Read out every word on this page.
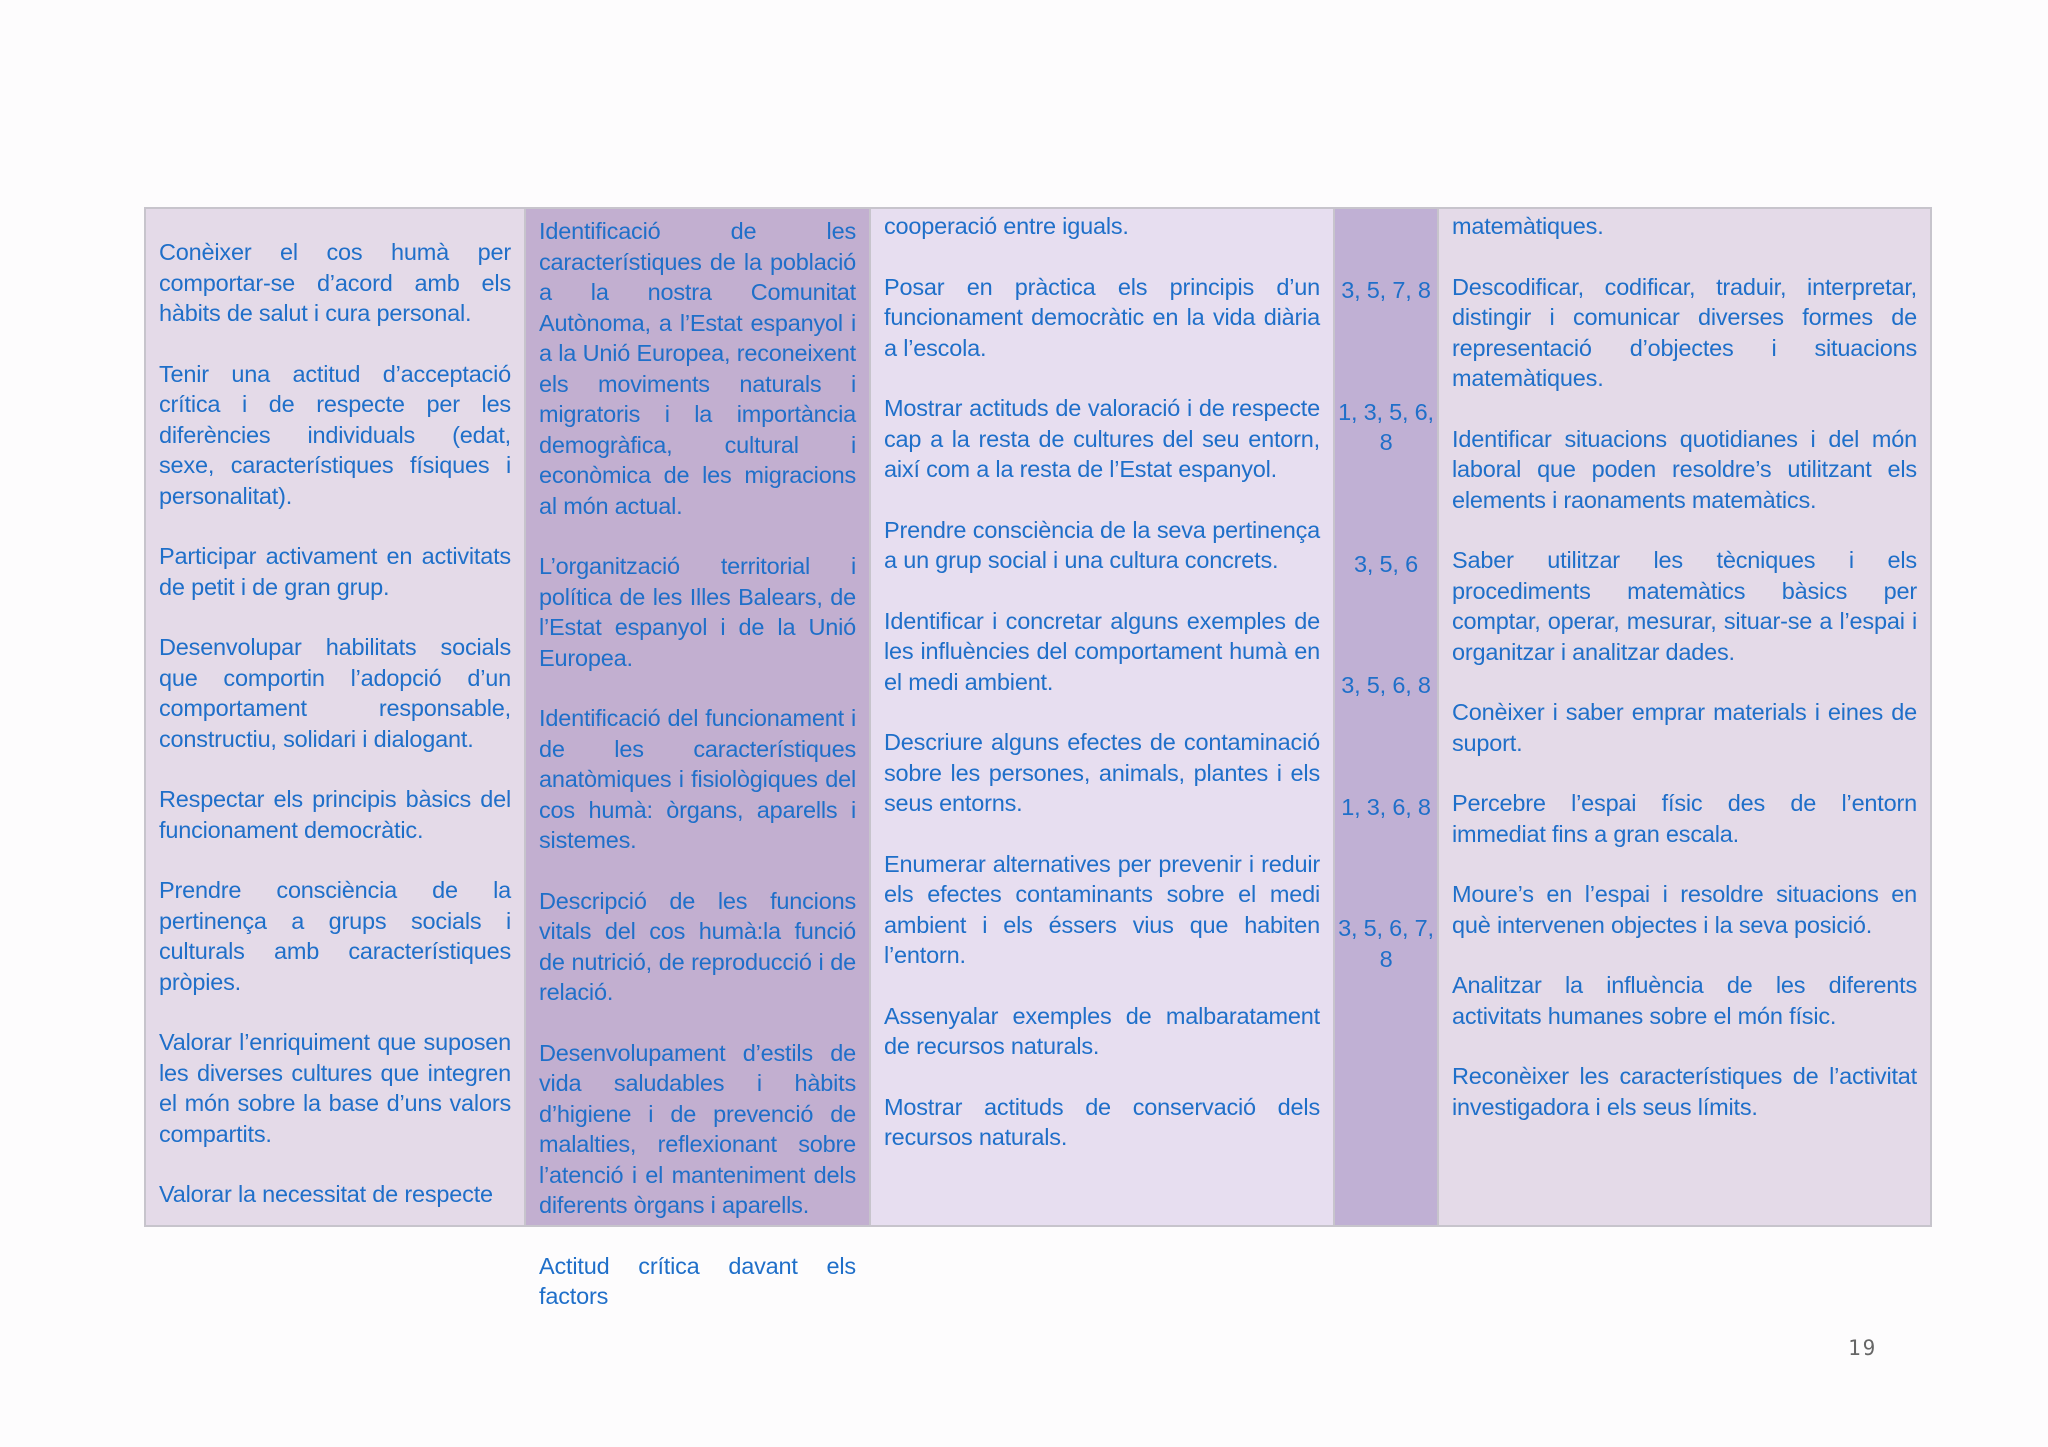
Conèixer el cos humà per comportar-se d’acord amb els hàbits de salut i cura personal.

Tenir una actitud d’acceptació crítica i de respecte per les diferències individuals (edat, sexe, característiques físiques i personalitat).

Participar activament en activitats de petit i de gran grup.

Desenvolupar habilitats socials que comportin l’adopció d’un comportament responsable, constructiu, solidari i dialogant.

Respectar els principis bàsics del funcionament democràtic.

Prendre consciència de la pertinença a grups socials i culturals amb característiques pròpies.

Valorar l’enriquiment que suposen les diverses cultures que integren el món sobre la base d’uns valors compartits.

Valorar la necessitat de respecte

Identificació de les característiques de la població a la nostra Comunitat Autònoma, a l’Estat espanyol i a la Unió Europea, reconeixent els moviments naturals i migratoris i la importància demogràfica, cultural i econòmica de les migracions al món actual.

L’organització territorial i política de les Illes Balears, de l’Estat espanyol i de la Unió Europea.

Identificació del funcionament i de les característiques anatòmiques i fisiològiques del cos humà: òrgans, aparells i sistemes.

Descripció de les funcions vitals del cos humà:la funció de nutrició, de reproducció i de relació.

Desenvolupament d’estils de vida saludables i hàbits d’higiene i de prevenció de malalties, reflexionant sobre l’atenció i el manteniment dels diferents òrgans i aparells.

Actitud crítica davant els factors

cooperació entre iguals.

Posar en pràctica els principis d’un funcionament democràtic en la vida diària a l’escola.

Mostrar actituds de valoració i de respecte cap a la resta de cultures del seu entorn, així com a la resta de l’Estat espanyol.

Prendre consciència de la seva pertinença a un grup social i una cultura concrets.

Identificar i concretar alguns exemples de les influències del comportament humà en el medi ambient.

Descriure alguns efectes de contaminació sobre les persones, animals, plantes i els seus entorns.

Enumerar alternatives per prevenir i reduir els efectes contaminants sobre el medi ambient i els éssers vius que habiten l’entorn.

Assenyalar exemples de malbaratament de recursos naturals.

Mostrar actituds de conservació dels recursos naturals.

3, 5, 7, 8

1, 3, 5, 6, 8

3, 5, 6

3, 5, 6, 8

1, 3, 6, 8

3, 5, 6, 7, 8

matemàtiques.

Descodificar, codificar, traduir, interpretar, distingir i comunicar diverses formes de representació d’objectes i situacions matemàtiques.

Identificar situacions quotidianes i del món laboral que poden resoldre’s utilitzant els elements i raonaments matemàtics.

Saber utilitzar les tècniques i els procediments matemàtics bàsics per comptar, operar, mesurar, situar-se a l’espai i organitzar i analitzar dades.

Conèixer i saber emprar materials i eines de suport.

Percebre l’espai físic des de l’entorn immediat fins a gran escala.

Moure’s en l’espai i resoldre situacions en què intervenen objectes i la seva posició.

Analitzar la influència de les diferents activitats humanes sobre el món físic.

Reconèixer les característiques de l’activitat investigadora i els seus límits.

19
